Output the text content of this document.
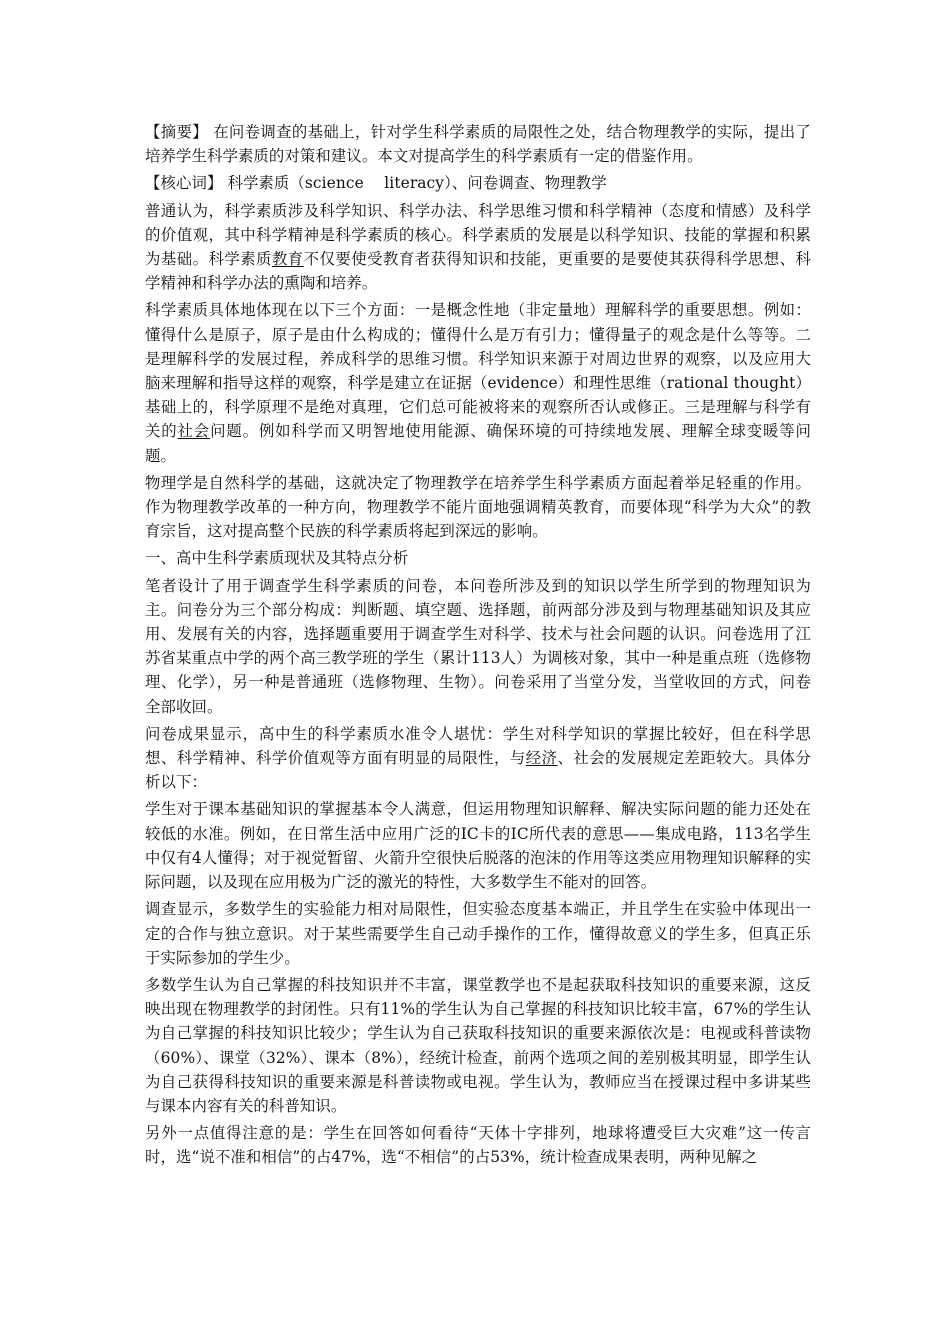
【摘要】 在问卷调查的基础上，针对学生科学素质的局限性之处，结合物理教学的实际，提出了培养学生科学素质的对策和建议。本文对提高学生的科学素质有一定的借鉴作用。

【核心词】 科学素质（science　 literacy）、问卷调查、物理教学

普通认为，科学素质涉及科学知识、科学办法、科学思维习惯和科学精神（态度和情感）及科学的价值观，其中科学精神是科学素质的核心。科学素质的发展是以科学知识、技能的掌握和积累为基础。科学素质教育不仅要使受教育者获得知识和技能，更重要的是要使其获得科学思想、科学精神和科学办法的熏陶和培养。

科学素质具体地体现在以下三个方面：一是概念性地（非定量地）理解科学的重要思想。例如：懂得什么是原子，原子是由什么构成的；懂得什么是万有引力；懂得量子的观念是什么等等。二是理解科学的发展过程，养成科学的思维习惯。科学知识来源于对周边世界的观察，以及应用大脑来理解和指导这样的观察，科学是建立在证据（evidence）和理性思维（rational thought）基础上的，科学原理不是绝对真理，它们总可能被将来的观察所否认或修正。三是理解与科学有关的社会问题。例如科学而又明智地使用能源、确保环境的可持续地发展、理解全球变暖等问题。

物理学是自然科学的基础，这就决定了物理教学在培养学生科学素质方面起着举足轻重的作用。作为物理教学改革的一种方向，物理教学不能片面地强调精英教育，而要体现“科学为大众”的教育宗旨，这对提高整个民族的科学素质将起到深远的影响。

一、高中生科学素质现状及其特点分析

笔者设计了用于调查学生科学素质的问卷，本问卷所涉及到的知识以学生所学到的物理知识为主。问卷分为三个部分构成：判断题、填空题、选择题，前两部分涉及到与物理基础知识及其应用、发展有关的内容，选择题重要用于调查学生对科学、技术与社会问题的认识。问卷选用了江苏省某重点中学的两个高三教学班的学生（累计113人）为调核对象，其中一种是重点班（选修物理、化学），另一种是普通班（选修物理、生物）。问卷采用了当堂分发，当堂收回的方式，问卷全部收回。

问卷成果显示，高中生的科学素质水准令人堪忧：学生对科学知识的掌握比较好，但在科学思想、科学精神、科学价值观等方面有明显的局限性，与经济、社会的发展规定差距较大。具体分析以下：

学生对于课本基础知识的掌握基本令人满意，但运用物理知识解释、解决实际问题的能力还处在较低的水准。例如，在日常生活中应用广泛的IC卡的IC所代表的意思——集成电路，113名学生中仅有4人懂得；对于视觉暂留、火箭升空很快后脱落的泡沫的作用等这类应用物理知识解释的实际问题，以及现在应用极为广泛的激光的特性，大多数学生不能对的回答。

调查显示，多数学生的实验能力相对局限性，但实验态度基本端正，并且学生在实验中体现出一定的合作与独立意识。对于某些需要学生自己动手操作的工作，懂得故意义的学生多，但真正乐于实际参加的学生少。

多数学生认为自己掌握的科技知识并不丰富，课堂教学也不是起获取科技知识的重要来源，这反映出现在物理教学的封闭性。只有11%的学生认为自己掌握的科技知识比较丰富，67%的学生认为自己掌握的科技知识比较少；学生认为自己获取科技知识的重要来源依次是：电视或科普读物（60%）、课堂（32%）、课本（8%），经统计检查，前两个选项之间的差别极其明显，即学生认为自己获得科技知识的重要来源是科普读物或电视。学生认为，教师应当在授课过程中多讲某些与课本内容有关的科普知识。

另外一点值得注意的是：学生在回答如何看待“天体十字排列，地球将遭受巨大灾难”这一传言时，选“说不准和相信”的占47%，选“不相信”的占53%，统计检查成果表明，两种见解之
